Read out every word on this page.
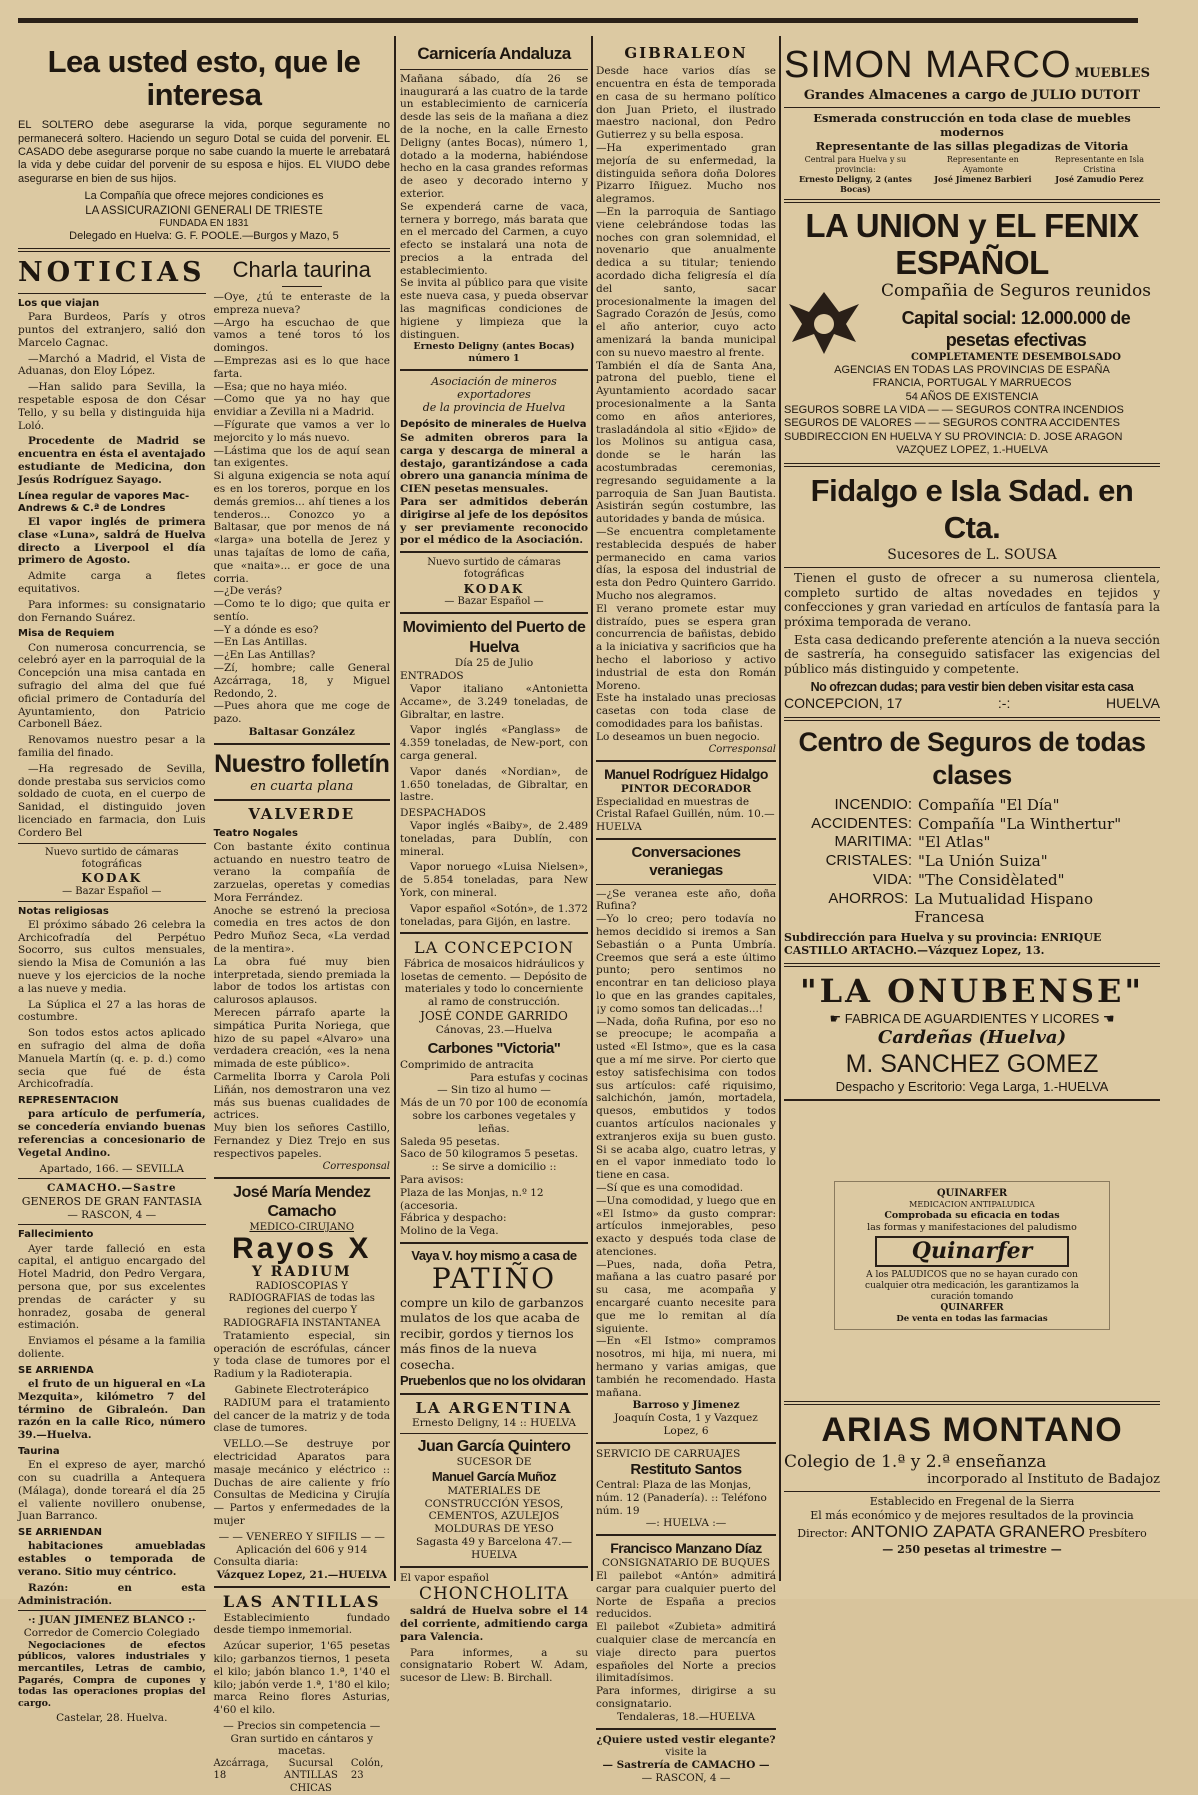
Lea usted esto, que le interesa
EL SOLTERO debe asegurarse la vida, porque seguramente no permanecerá soltero. Haciendo un seguro Dotal se cuida del porvenir. EL CASADO debe asegurarse porque no sabe cuando la muerte le arrebatará la vida y debe cuidar del porvenir de su esposa e hijos. EL VIUDO debe asegurarse en bien de sus hijos.
La Compañía que ofrece mejores condiciones es
LA ASSICURAZIONI GENERALI DE TRIESTE
FUNDADA EN 1831
Delegado en Huelva: G. F. POOLE.—Burgos y Mazo, 5
NOTICIAS
Los que viajan

Para Burdeos, París y otros puntos del extranjero, salió don Marcelo Cagnac.

—Marchó a Madrid, el Vista de Aduanas, don Eloy López.

—Han salido para Sevilla, la respetable esposa de don César Tello, y su bella y distinguida hija Loló.

Procedente de Madrid se encuentra en ésta el aventajado estudiante de Medicina, don Jesús Rodríguez Sayago.

Línea regular de vapores Mac-Andrews & C.ª de Londres

El vapor inglés de primera clase «Luna», saldrá de Huelva directo a Liverpool el día primero de Agosto.

Admite carga a fletes equitativos.

Para informes: su consignatario don Fernando Suárez.

Misa de Requiem

Con numerosa concurrencia, se celebró ayer en la parroquial de la Concepción una misa cantada en sufragio del alma del que fué oficial primero de Contaduría del Ayuntamiento, don Patricio Carbonell Báez.

Renovamos nuestro pesar a la familia del finado.

—Ha regresado de Sevilla, donde prestaba sus servicios como soldado de cuota, en el cuerpo de Sanidad, el distinguido joven licenciado en farmacia, don Luis Cordero Bel

Nuevo surtido de cámaras fotográficas
KODAK
— Bazar Español —
Notas religiosas

El próximo sábado 26 celebra la Archicofradía del Perpétuo Socorro, sus cultos mensuales, siendo la Misa de Comunión a las nueve y los ejercicios de la noche a las nueve y media.

La Súplica el 27 a las horas de costumbre.

Son todos estos actos aplicado en sufragio del alma de doña Manuela Martín (q. e. p. d.) como secia que fué de ésta Archicofradía.

REPRESENTACION

para artículo de perfumería, se concedería enviando buenas referencias a concesionario de Vegetal Andino.

Apartado, 166. — SEVILLA
CAMACHO.—Sastre
GENEROS DE GRAN FANTASIA
— RASCON, 4 —
Fallecimiento

Ayer tarde falleció en esta capital, el antiguo encargado del Hotel Madrid, don Pedro Vergara, persona que, por sus excelentes prendas de carácter y su honradez, gosaba de general estimación.

Enviamos el pésame a la familia doliente.

SE ARRIENDA

el fruto de un higueral en «La Mezquita», kilómetro 7 del término de Gibraleón. Dan razón en la calle Rico, número 39.—Huelva.

Taurina

En el expreso de ayer, marchó con su cuadrilla a Antequera (Málaga), donde toreará el día 25 el valiente novillero onubense, Juan Barranco.

SE ARRIENDAN

habitaciones amuebladas estables o temporada de verano. Sitio muy céntrico.

Razón: en esta Administración.

·: JUAN JIMENEZ BLANCO :·
Corredor de Comercio Colegiado

Negociaciones de efectos públicos, valores industriales y mercantiles, Letras de cambio, Pagarés, Compra de cupones y todas las operaciones propias del cargo.

Castelar, 28. Huelva.
Charla taurina
—Oye, ¿tú te enteraste de la empreza nueva?
—Argo ha escuchao de que vamos a tené toros tó los domingos.
—Emprezas asi es lo que hace farta.
—Esa; que no haya miéo.
—Como que ya no hay que envidiar a Zevilla ni a Madrid.
—Fígurate que vamos a ver lo mejorcito y lo más nuevo.
—Lástima que los de aquí sean tan exigentes.
Si alguna exigencia se nota aquí es en los toreros, porque en los demás gremios... ahí tienes a los tenderos... Conozco yo a Baltasar, que por menos de ná «larga» una botella de Jerez y unas tajaítas de lomo de caña, que «naita»... er goce de una corria.
—¿De verás?
—Como te lo digo; que quita er sentío.
—Y a dónde es eso?
—En Las Antillas.
—¿En Las Antillas?
—Zí, hombre; calle General Azcárraga, 18, y Miguel Redondo, 2.
—Pues ahora que me coge de pazo.
Baltasar González
Nuestro folletín
en cuarta plana
VALVERDE
Teatro Nogales
Con bastante éxito continua actuando en nuestro teatro de verano la compañía de zarzuelas, operetas y comedias Mora Ferrández.
Anoche se estrenó la preciosa comedia en tres actos de don Pedro Muñoz Seca, «La verdad de la mentira».
La obra fué muy bien interpretada, siendo premiada la labor de todos los artistas con calurosos aplausos.
Merecen párrafo aparte la simpática Purita Noriega, que hizo de su papel «Alvaro» una verdadera creación, «es la nena mimada de este público».
Carmelita Iborra y Carola Poli Liñán, nos demostraron una vez más sus buenas cualidades de actrices.
Muy bien los señores Castillo, Fernandez y Diez Trejo en sus respectivos papeles.
Corresponsal
José María Mendez Camacho
MEDICO-CIRUJANO
Rayos X
Y RADIUM
RADIOSCOPIAS Y RADIOGRAFIAS de todas las regiones del cuerpo Y RADIOGRAFIA INSTANTANEA

Tratamiento especial, sin operación de escrófulas, cáncer y toda clase de tumores por el Radium y la Radioterapia.

Gabinete Electroterápico

RADIUM para el tratamiento del cancer de la matriz y de toda clase de tumores.

VELLO.—Se destruye por electricidad Aparatos para masaje mecánico y eléctrico :: Duchas de aire caliente y frío Consultas de Medicina y Cirujía — Partos y enfermedades de la mujer

— — VENEREO Y SIFILIS — —
Aplicación del 606 y 914
Consulta diaria:
Vázquez Lopez, 21.—HUELVA
LAS ANTILLAS

Establecimiento fundado desde tiempo inmemorial.

Azúcar superior, 1'65 pesetas kilo; garbanzos tiernos, 1 peseta el kilo; jabón blanco 1.ª, 1'40 el kilo; jabón verde 1.ª, 1'80 el kilo; marca Reino flores Asturias, 4'60 el kilo.

— Precios sin competencia —
Gran surtido en cántaros y macetas.
Azcárraga, 18
Sucursal
ANTILLAS CHICAS
Colón, 23
Carnicería Andaluza
Mañana sábado, día 26 se inaugurará a las cuatro de la tarde un establecimiento de carnicería desde las seis de la mañana a diez de la noche, en la calle Ernesto Deligny (antes Bocas), número 1, dotado a la moderna, habiéndose hecho en la casa grandes reformas de aseo y decorado interno y exterior.
Se expenderá carne de vaca, ternera y borrego, más barata que en el mercado del Carmen, a cuyo efecto se instalará una nota de precios a la entrada del establecimiento.
Se invita al público para que visite este nueva casa, y pueda observar las magnificas condiciones de higiene y limpieza que la distinguen.
Ernesto Deligny (antes Bocas) número 1
Asociación de mineros exportadores
de la provincia de Huelva
Depósito de minerales de Huelva
Se admiten obreros para la carga y descarga de mineral a destajo, garantizándose a cada obrero una ganancia mínima de CIEN pesetas mensuales.
Para ser admitidos deberán dirigirse al jefe de los depósitos y ser previamente reconocido por el médico de la Asociación.
Nuevo surtido de cámaras fotográficas
KODAK
— Bazar Español —
Movimiento del Puerto de Huelva
Día 25 de Julio
ENTRADOS

Vapor italiano «Antonietta Accame», de 3.249 toneladas, de Gibraltar, en lastre.

Vapor inglés «Panglass» de 4.359 toneladas, de New-port, con carga general.

Vapor danés «Nordian», de 1.650 toneladas, de Gibraltar, en lastre.

DESPACHADOS

Vapor inglés «Baiby», de 2.489 toneladas, para Dublín, con mineral.

Vapor noruego «Luisa Nielsen», de 5.854 toneladas, para New York, con mineral.

Vapor español «Sotón», de 1.372 toneladas, para Gijón, en lastre.

LA CONCEPCION
Fábrica de mosaicos hidráulicos y losetas de cemento. — Depósito de materiales y todo lo concerniente al ramo de construcción.
JOSÉ CONDE GARRIDO
Cánovas, 23.—Huelva
Carbones "Victoria"
Comprimido de antracita
Para estufas y cocinas
— Sin tizo al humo —
Más de un 70 por 100 de economía sobre los carbones vegetales y leñas.
Saleda 95 pesetas.
Saco de 50 kilogramos 5 pesetas.
:: Se sirve a domicilio ::
Para avisos:
Plaza de las Monjas, n.º 12 (accesoria.
Fábrica y despacho:
Molino de la Vega.
Vaya V. hoy mismo a casa de
PATIÑO
compre un kilo de garbanzos mulatos de los que acaba de recibir, gordos y tiernos los más finos de la nueva cosecha.
Pruebenlos que no los olvidaran
LA ARGENTINA
Ernesto Deligny, 14 :: HUELVA
Juan García Quintero
SUCESOR DE
Manuel García Muñoz
MATERIALES DE CONSTRUCCIÓN YESOS, CEMENTOS, AZULEJOS MOLDURAS DE YESO
Sagasta 49 y Barcelona 47.—HUELVA
El vapor español
CHONCHOLITA

saldrá de Huelva sobre el 14 del corriente, admitiendo carga para Valencia.

Para informes, a su consignatario Robert W. Adam, sucesor de Llew: B. Birchall.

GIBRALEON
Desde hace varios días se encuentra en ésta de temporada en casa de su hermano político don Juan Prieto, el ilustrado maestro nacional, don Pedro Gutierrez y su bella esposa.
—Ha experimentado gran mejoría de su enfermedad, la distinguida señora doña Dolores Pizarro Iñiguez. Mucho nos alegramos.
—En la parroquia de Santiago viene celebrándose todas las noches con gran solemnidad, el novenario que anualmente dedica a su titular; teniendo acordado dicha feligresía el día del santo, sacar procesionalmente la imagen del Sagrado Corazón de Jesús, como el año anterior, cuyo acto amenizará la banda municipal con su nuevo maestro al frente.
También el día de Santa Ana, patrona del pueblo, tiene el Ayuntamiento acordado sacar procesionalmente a la Santa como en años anteriores, trasladándola al sitio «Ejido» de los Molinos su antigua casa, donde se le harán las acostumbradas ceremonias, regresando seguidamente a la parroquia de San Juan Bautista. Asistirán según costumbre, las autoridades y banda de música.
—Se encuentra completamente restablecida después de haber permanecido en cama varios días, la esposa del industrial de esta don Pedro Quintero Garrido. Mucho nos alegramos.
El verano promete estar muy distraído, pues se espera gran concurrencia de bañistas, debido a la iniciativa y sacrificios que ha hecho el laborioso y activo industrial de esta don Román Moreno.
Este ha instalado unas preciosas casetas con toda clase de comodidades para los bañistas.
Lo deseamos un buen negocio.
Corresponsal
Manuel Rodríguez Hidalgo
PINTOR DECORADOR
Especialidad en muestras de Cristal Rafael Guillén, núm. 10.—HUELVA
Conversaciones veraniegas
—¿Se veranea este año, doña Rufina?
—Yo lo creo; pero todavía no hemos decidido si iremos a San Sebastián o a Punta Umbría. Creemos que será a este último punto; pero sentimos no encontrar en tan delicioso playa lo que en las grandes capitales, ¡y como somos tan delicadas...!
—Nada, doña Rufina, por eso no se preocupe; le acompaña a usted «El Istmo», que es la casa que a mí me sirve. Por cierto que estoy satisfechisima con todos sus artículos: café riquisimo, salchichón, jamón, mortadela, quesos, embutidos y todos cuantos artículos nacionales y extranjeros exija su buen gusto. Si se acaba algo, cuatro letras, y en el vapor inmediato todo lo tiene en casa.
—Sí que es una comodidad.
—Una comodidad, y luego que en «El Istmo» da gusto comprar: artículos inmejorables, peso exacto y después toda clase de atenciones.
—Pues, nada, doña Petra, mañana a las cuatro pasaré por su casa, me acompaña y encargaré cuanto necesite para que me lo remitan al día siguiente.
—En «El Istmo» compramos nosotros, mi hija, mi nuera, mi hermano y varias amigas, que también he recomendado. Hasta mañana.
Barroso y Jimenez
Joaquín Costa, 1 y Vazquez Lopez, 6
SERVICIO DE CARRUAJES
Restituto Santos
Central: Plaza de las Monjas, núm. 12 (Panadería). :: Teléfono núm. 19
—: HUELVA :—
Francisco Manzano Díaz
CONSIGNATARIO DE BUQUES
El pailebot «Antón» admitirá cargar para cualquier puerto del Norte de España a precios reducidos.
El pailebot «Zubieta» admitirá cualquier clase de mercancía en viaje directo para puertos españoles del Norte a precios ilimitadísimos.
Para informes, dirigirse a su consignatario.
Tendaleras, 18.—HUELVA
¿Quiere usted vestir elegante?
visite la
— Sastrería de CAMACHO —
— RASCON, 4 —
SIMON MARCO MUEBLES
Grandes Almacenes a cargo de JULIO DUTOIT
Esmerada construcción en toda clase de muebles modernos
Representante de las sillas plegadizas de Vitoria
Central para Huelva y su provincia:
Ernesto Deligny, 2 (antes Bocas)
Representante en Ayamonte
José Jimenez Barbieri
Representante en Isla Cristina
José Zamudio Perez
LA UNION y EL FENIX ESPAÑOL
Compañia de Seguros reunidos
Capital social: 12.000.000 de pesetas efectivas
COMPLETAMENTE DESEMBOLSADO
AGENCIAS EN TODAS LAS PROVINCIAS DE ESPAÑA
FRANCIA, PORTUGAL Y MARRUECOS
54 AÑOS DE EXISTENCIA
SEGUROS SOBRE LA VIDA — — SEGUROS CONTRA INCENDIOS
SEGUROS DE VALORES — — SEGUROS CONTRA ACCIDENTES
SUBDIRECCION EN HUELVA Y SU PROVINCIA: D. JOSE ARAGON
VAZQUEZ LOPEZ, 1.-HUELVA
Fidalgo e Isla Sdad. en Cta.
Sucesores de L. SOUSA

Tienen el gusto de ofrecer a su numerosa clientela, completo surtido de altas novedades en tejidos y confecciones y gran variedad en artículos de fantasía para la próxima temporada de verano.

Esta casa dedicando preferente atención a la nueva sección de sastrería, ha conseguido satisfacer las exigencias del público más distinguido y competente.

No ofrezcan dudas; para vestir bien deben visitar esta casa
CONCEPCION, 17	:-:	HUELVA
Centro de Seguros de todas clases
INCENDIO: Compañía "El Día"
ACCIDENTES: Compañía "La Winthertur"
MARITIMA: "El Atlas"
CRISTALES: "La Unión Suiza"
VIDA: "The Considèlated"
AHORROS: La Mutualidad Hispano Francesa
Subdirección para Huelva y su provincia: ENRIQUE CASTILLO ARTACHO.—Vázquez Lopez, 13.
"LA ONUBENSE"
☛ FABRICA DE AGUARDIENTES Y LICORES ☚
Cardeñas (Huelva)
M. SANCHEZ GOMEZ
Despacho y Escritorio: Vega Larga, 1.-HUELVA
QUINARFER
MEDICACION ANTIPALUDICA
Comprobada su eficacia en todas
las formas y manifestaciones del paludismo
Quinarfer
A los PALUDICOS que no se hayan curado con cualquier otra medicación, les garantizamos la curación tomando
QUINARFER
De venta en todas las farmacias
ARIAS MONTANO
Colegio de 1.ª y 2.ª enseñanza
incorporado al Instituto de Badajoz
Establecido en Fregenal de la Sierra
El más económico y de mejores resultados de la provincia
Director: ANTONIO ZAPATA GRANERO Presbítero
— 250 pesetas al trimestre —
